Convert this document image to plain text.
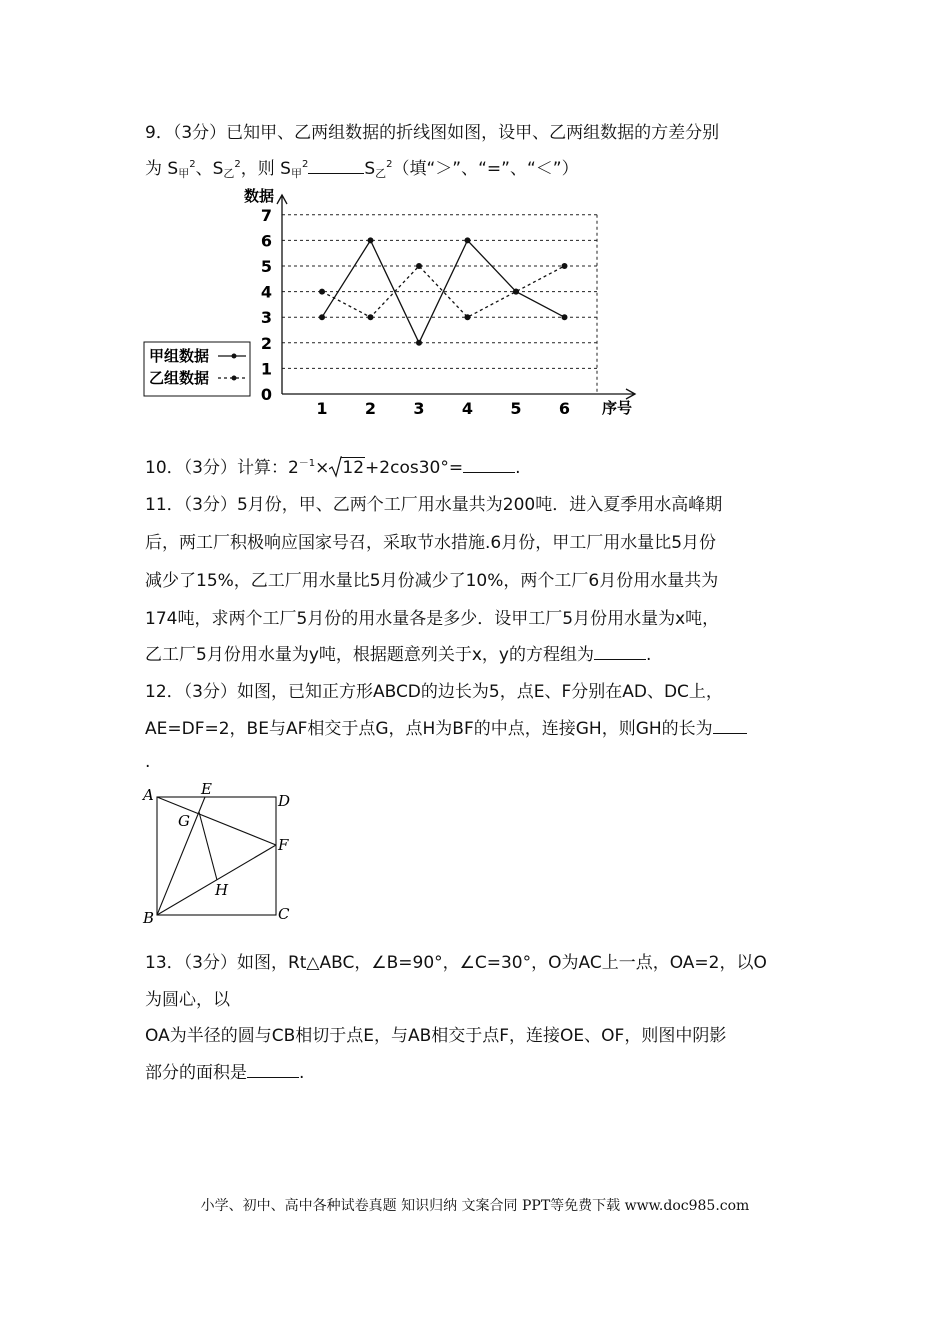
9．（3分）已知甲、乙两组数据的折线图如图，设甲、乙两组数据的方差分别
为 S甲$^2$、S乙$^2$，则 S甲$^2$	S乙$^2$（填“＞”、“=”、“＜”）
0
1
2
3
4
5
6
7
1 2 3 4 5 6
数据
序号
甲组数据
乙组数据
10．（3分）计算：$2^{-1}\times 12+2\cos 30^\circ=$	.
11．（3分）5月份，甲、乙两个工厂用水量共为200吨．进入夏季用水高峰期
后，两工厂积极响应国家号召，采取节水措施.6月份，甲工厂用水量比5月份
减少了15%，乙工厂用水量比5月份减少了10%，两个工厂6月份用水量共为
174吨，求两个工厂5月份的用水量各是多少．设甲工厂5月份用水量为x吨，
乙工厂5月份用水量为y吨，根据题意列关于x，y的方程组为	.
12．（3分）如图，已知正方形ABCD的边长为5，点E、F分别在AD、DC上，
AE=DF=2，BE与AF相交于点G，点H为BF的中点，连接GH，则GH的长为
.
A	E
D
G
F
H
B	C
13．（3分）如图，Rt△ABC，∠B=90°，∠C=30°，O为AC上一点，OA=2，以O
为圆心，以
OA为半径的圆与CB相切于点E，与AB相交于点F，连接OE、OF，则图中阴影
部分的面积是	.
小学、初中、高中各种试卷真题 知识归纳 文案合同 PPT等免费下载 www.doc985.com
